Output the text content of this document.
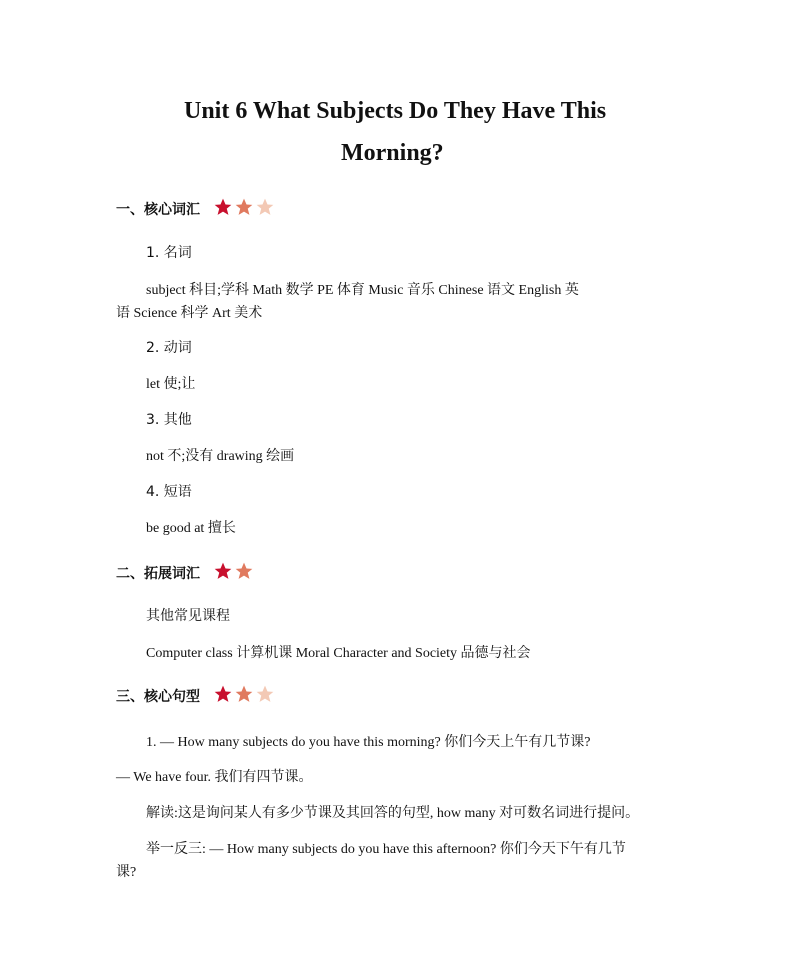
Unit 6 What Subjects Do They Have This
Morning?
一、核心词汇
1. 名词
subject 科目;学科 Math 数学 PE 体育 Music 音乐 Chinese 语文 English 英
语 Science 科学 Art 美术
2. 动词
let 使;让
3. 其他
not 不;没有 drawing 绘画
4. 短语
be good at 擅长
二、拓展词汇
其他常见课程
Computer class 计算机课 Moral Character and Society 品德与社会
三、核心句型
1. — How many subjects do you have this morning? 你们今天上午有几节课?
— We have four. 我们有四节课。
解读:这是询问某人有多少节课及其回答的句型, how many 对可数名词进行提问。
举一反三: — How many subjects do you have this afternoon? 你们今天下午有几节
课?
